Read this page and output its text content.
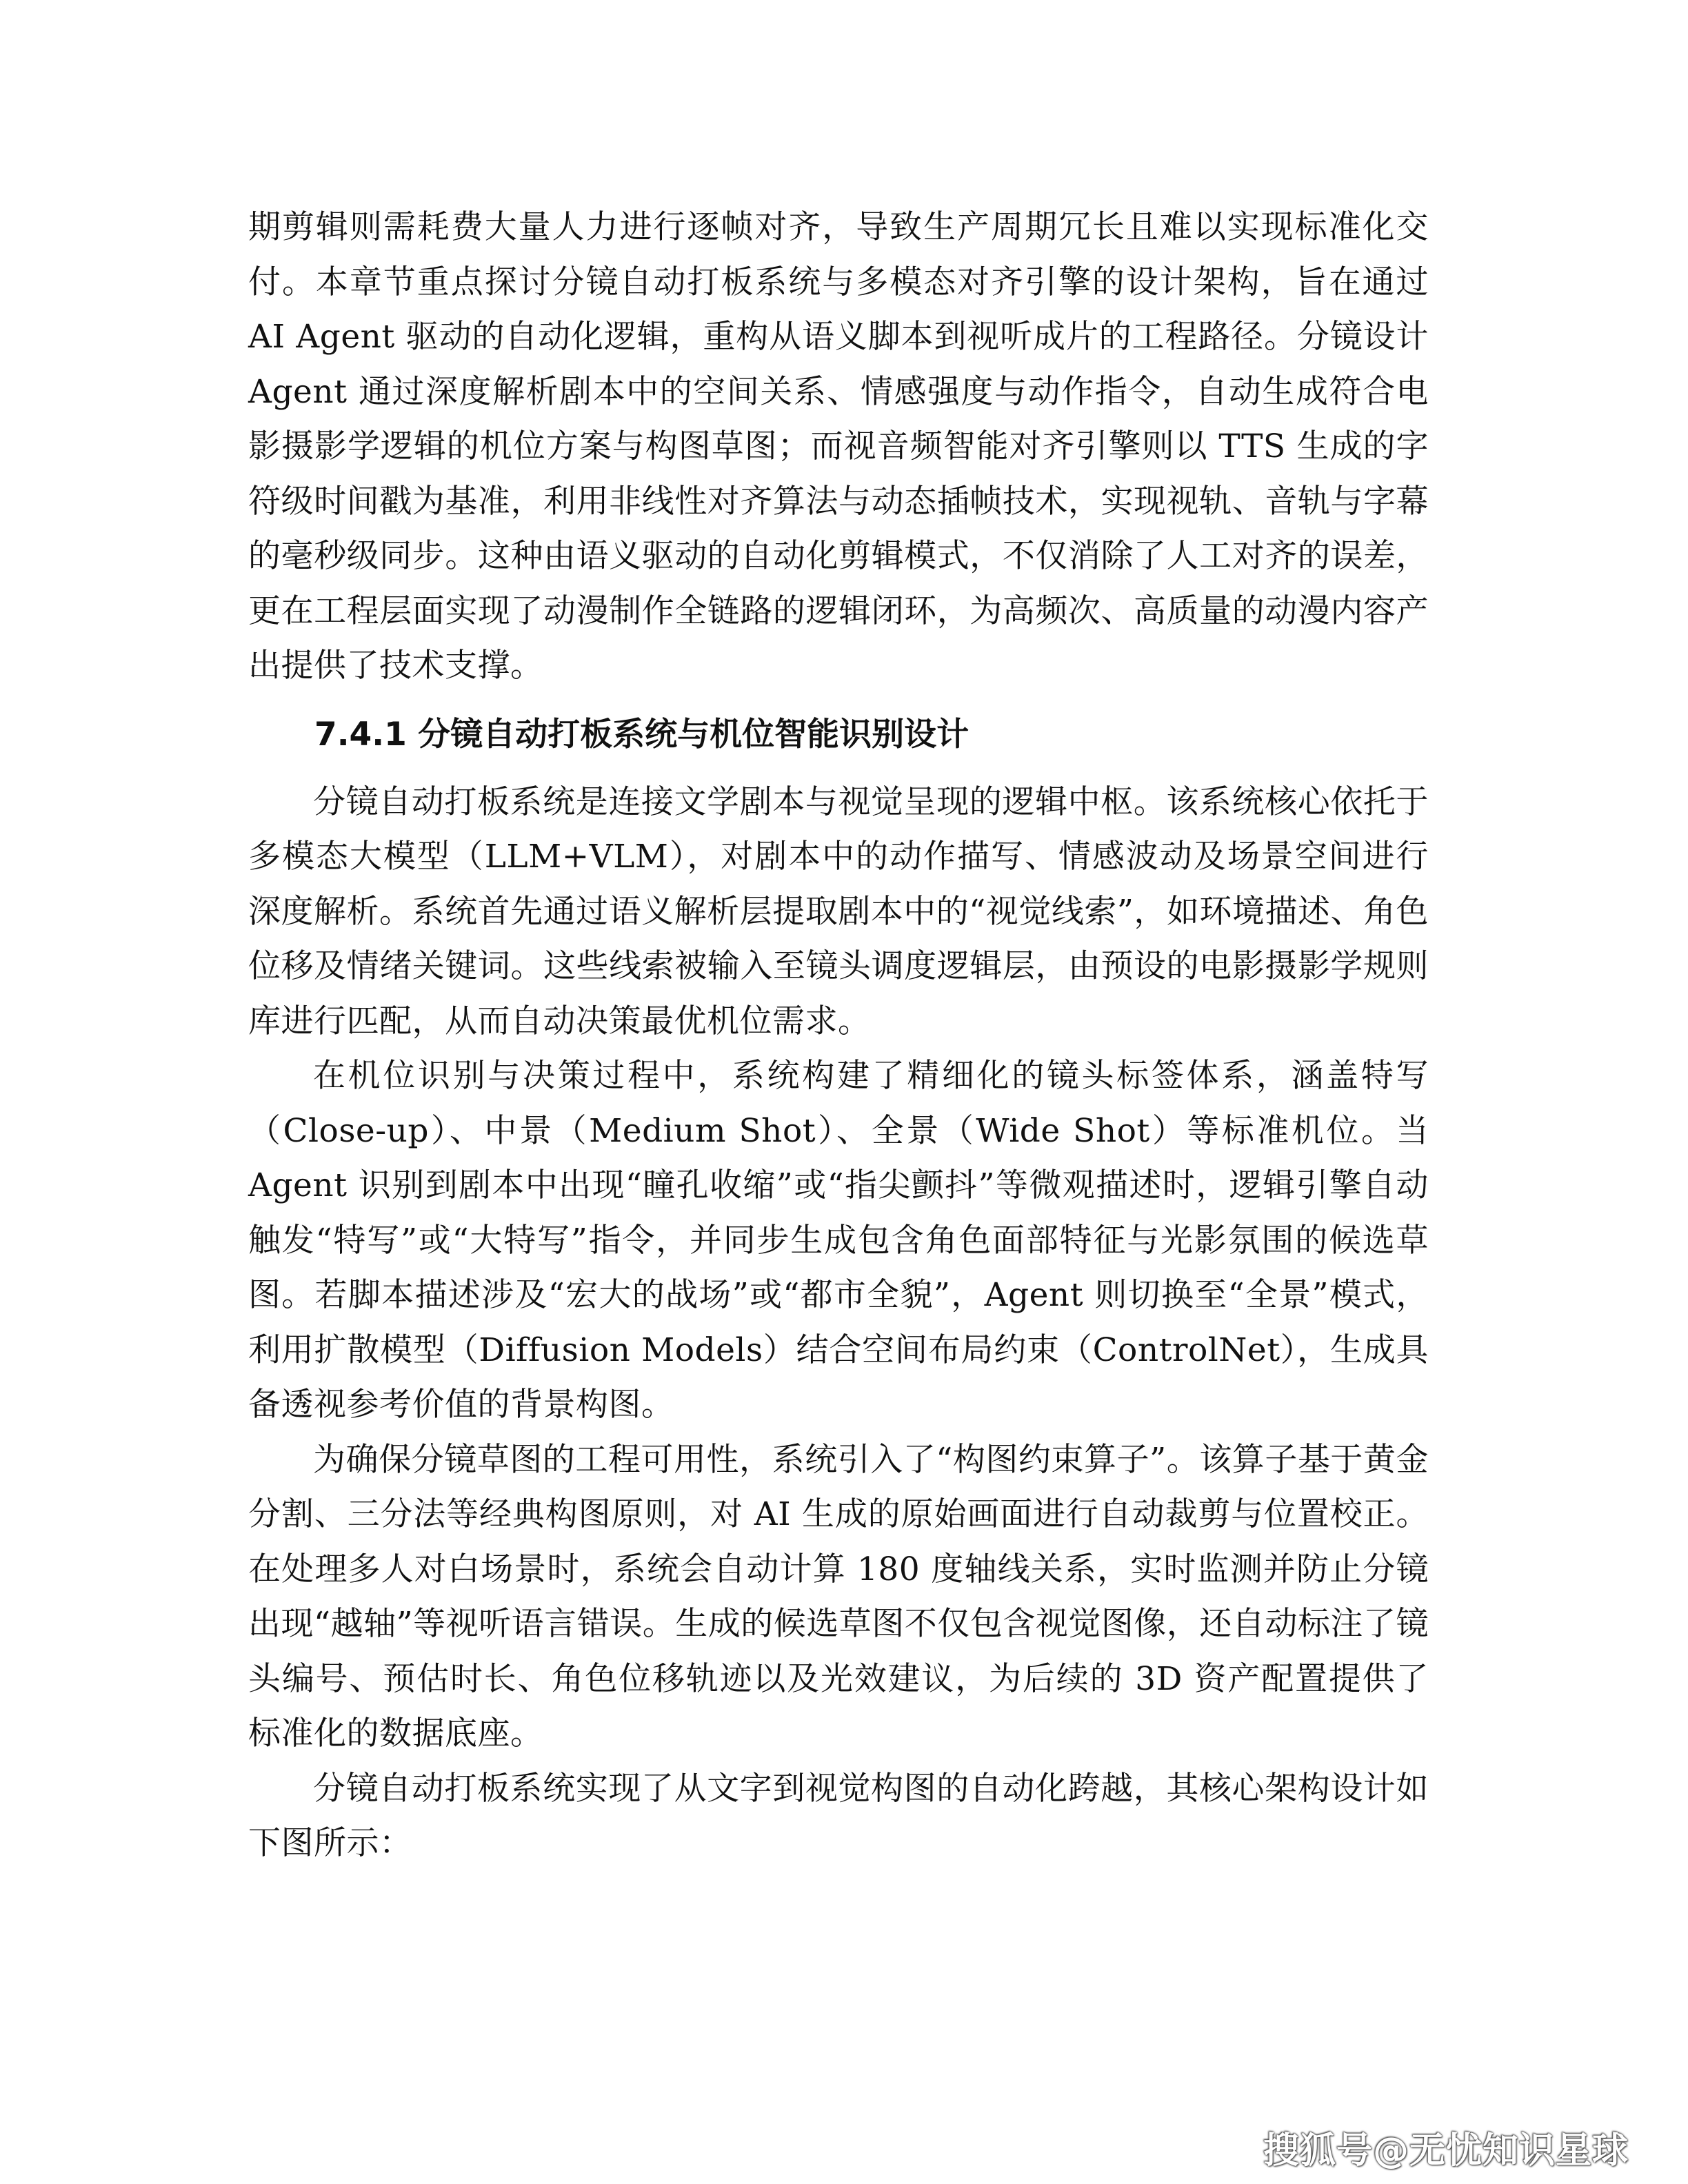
期剪辑则需耗费大量人力进行逐帧对齐，导致生产周期冗长且难以实现标准化交付。本章节重点探讨分镜自动打板系统与多模态对齐引擎的设计架构，旨在通过 AI Agent 驱动的自动化逻辑，重构从语义脚本到视听成片的工程路径。分镜设计 Agent 通过深度解析剧本中的空间关系、情感强度与动作指令，自动生成符合电影摄影学逻辑的机位方案与构图草图；而视音频智能对齐引擎则以 TTS 生成的字符级时间戳为基准，利用非线性对齐算法与动态插帧技术，实现视轨、音轨与字幕的毫秒级同步。这种由语义驱动的自动化剪辑模式，不仅消除了人工对齐的误差，更在工程层面实现了动漫制作全链路的逻辑闭环，为高频次、高质量的动漫内容产出提供了技术支撑。

7.4.1 分镜自动打板系统与机位智能识别设计

分镜自动打板系统是连接文学剧本与视觉呈现的逻辑中枢。该系统核心依托于多模态大模型（LLM+VLM），对剧本中的动作描写、情感波动及场景空间进行深度解析。系统首先通过语义解析层提取剧本中的“视觉线索”，如环境描述、角色位移及情绪关键词。这些线索被输入至镜头调度逻辑层，由预设的电影摄影学规则库进行匹配，从而自动决策最优机位需求。

在机位识别与决策过程中，系统构建了精细化的镜头标签体系，涵盖特写（Close-up）、中景（Medium Shot）、全景（Wide Shot）等标准机位。当 Agent 识别到剧本中出现“瞳孔收缩”或“指尖颤抖”等微观描述时，逻辑引擎自动触发“特写”或“大特写”指令，并同步生成包含角色面部特征与光影氛围的候选草图。若脚本描述涉及“宏大的战场”或“都市全貌”，Agent 则切换至“全景”模式，利用扩散模型（Diffusion Models）结合空间布局约束（ControlNet），生成具备透视参考价值的背景构图。

为确保分镜草图的工程可用性，系统引入了“构图约束算子”。该算子基于黄金分割、三分法等经典构图原则，对 AI 生成的原始画面进行自动裁剪与位置校正。在处理多人对白场景时，系统会自动计算 180 度轴线关系，实时监测并防止分镜出现“越轴”等视听语言错误。生成的候选草图不仅包含视觉图像，还自动标注了镜头编号、预估时长、角色位移轨迹以及光效建议，为后续的 3D 资产配置提供了标准化的数据底座。

分镜自动打板系统实现了从文字到视觉构图的自动化跨越，其核心架构设计如下图所示：

搜狐号@无忧知识星球
